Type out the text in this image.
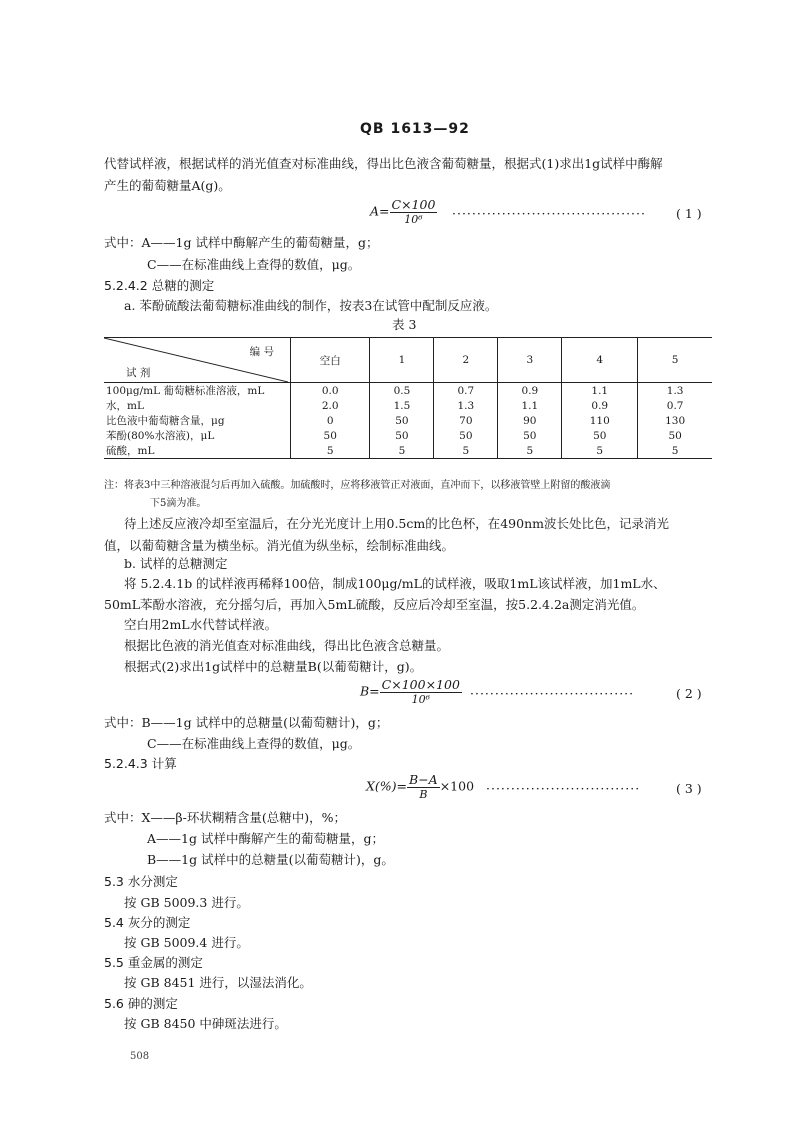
QB 1613—92
代替试样液，根据试样的消光值查对标准曲线，得出比色液含葡萄糖量，根据式(1)求出1g试样中酶解
产生的葡萄糖量A(g)。
$A= \frac{C\times 100}{\text{10⁶}}$ ······································· ( 1 )
式中：A——1g 试样中酶解产生的葡萄糖量，g；
C——在标准曲线上查得的数值，μg。
5.2.4.2 总糖的测定
a. 苯酚硫酸法葡萄糖标准曲线的制作，按表3在试管中配制反应液。
表 3
编 号
试 剂	空白	1	2	3	4	5
100μg/mL 葡萄糖标准溶液，mL	0.0	0.5	0.7	0.9	1.1	1.3
水，mL	2.0	1.5	1.3	1.1	0.9	0.7
比色液中葡萄糖含量，μg	0	50	70	90	110	130
苯酚(80%水溶液)，μL	50	50	50	50	50	50
硫酸，mL	5	5	5	5	5	5
注：将表3中三种溶液混匀后再加入硫酸。加硫酸时，应将移液管正对液面，直冲而下，以移液管壁上附留的酸液滴
下5滴为准。
待上述反应液冷却至室温后，在分光光度计上用0.5cm的比色杯，在490nm波长处比色，记录消光
值，以葡萄糖含量为横坐标。消光值为纵坐标，绘制标准曲线。
b. 试样的总糖测定
将 5.2.4.1b 的试样液再稀释100倍，制成100μg/mL的试样液，吸取1mL该试样液，加1mL水、
50mL苯酚水溶液，充分摇匀后，再加入5mL硫酸，反应后冷却至室温，按5.2.4.2a测定消光值。
空白用2mL水代替试样液。
根据比色液的消光值查对标准曲线，得出比色液含总糖量。
根据式(2)求出1g试样中的总糖量B(以葡萄糖计，g)。
$B= \frac{C\times 100\times 100}{\text{10⁶}}$ ·································	( 2 )
式中：B——1g 试样中的总糖量(以葡萄糖计)，g；
C——在标准曲线上查得的数值，μg。
5.2.4.3 计算
$X(\%)= \frac{B-A}{B} \times 100$ ·······························	( 3 )
式中：X——β-环状糊精含量(总糖中)，%；
A——1g 试样中酶解产生的葡萄糖量，g；
B——1g 试样中的总糖量(以葡萄糖计)，g。
5.3 水分测定
按 GB 5009.3 进行。
5.4 灰分的测定
按 GB 5009.4 进行。
5.5 重金属的测定
按 GB 8451 进行，以湿法消化。
5.6 砷的测定
按 GB 8450 中砷斑法进行。
508
